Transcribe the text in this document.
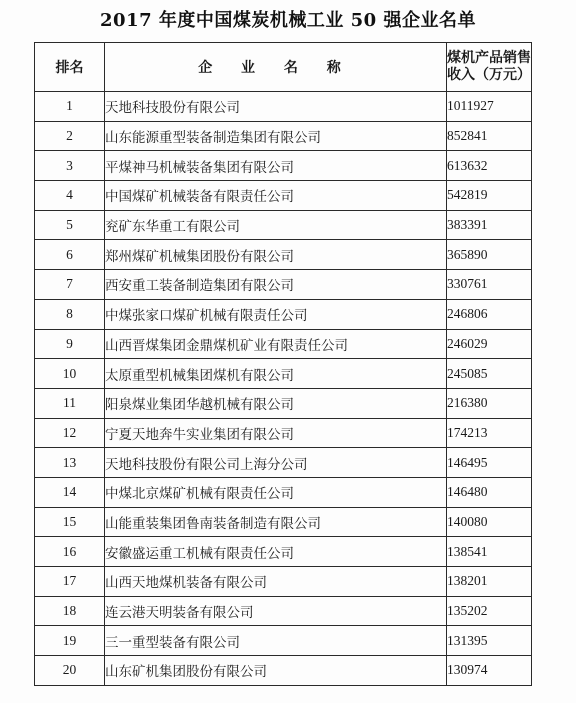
2017 年度中国煤炭机械工业 50 强企业名单
排名	企 业 名 称	煤机产品销售
收入（万元）

1	天地科技股份有限公司	1011927
2	山东能源重型装备制造集团有限公司	852841
3	平煤神马机械装备集团有限公司	613632
4	中国煤矿机械装备有限责任公司	542819
5	兖矿东华重工有限公司	383391
6	郑州煤矿机械集团股份有限公司	365890
7	西安重工装备制造集团有限公司	330761
8	中煤张家口煤矿机械有限责任公司	246806
9	山西晋煤集团金鼎煤机矿业有限责任公司	246029
10	太原重型机械集团煤机有限公司	245085
11	阳泉煤业集团华越机械有限公司	216380
12	宁夏天地奔牛实业集团有限公司	174213
13	天地科技股份有限公司上海分公司	146495
14	中煤北京煤矿机械有限责任公司	146480
15	山能重装集团鲁南装备制造有限公司	140080
16	安徽盛运重工机械有限责任公司	138541
17	山西天地煤机装备有限公司	138201
18	连云港天明装备有限公司	135202
19	三一重型装备有限公司	131395
20	山东矿机集团股份有限公司	130974
